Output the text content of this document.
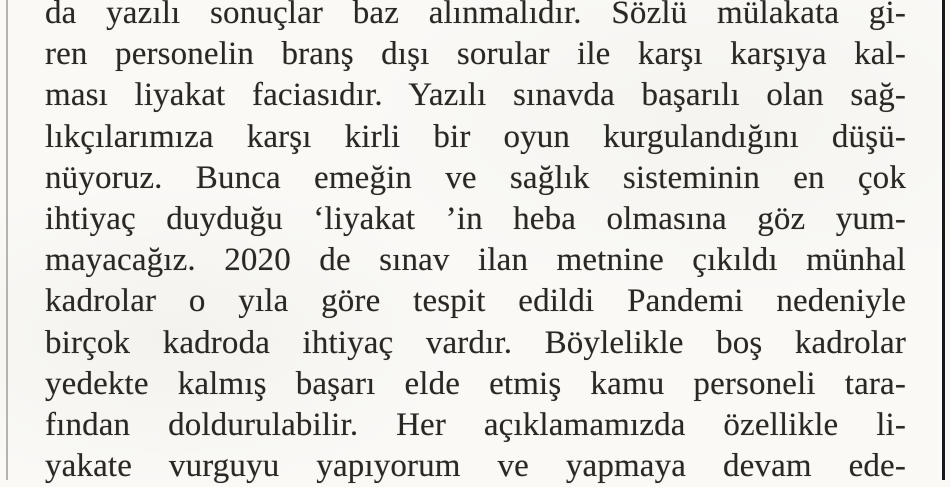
da yazılı sonuçlar baz alınmalıdır. Sözlü mülakata gi-
ren personelin branş dışı sorular ile karşı karşıya kal-
ması liyakat faciasıdır. Yazılı sınavda başarılı olan sağ-
lıkçılarımıza karşı kirli bir oyun kurgulandığını düşü-
nüyoruz. Bunca emeğin ve sağlık sisteminin en çok
ihtiyaç duyduğu ‘liyakat ’in heba olmasına göz yum-
mayacağız. 2020 de sınav ilan metnine çıkıldı münhal
kadrolar o yıla göre tespit edildi Pandemi nedeniyle
birçok kadroda ihtiyaç vardır. Böylelikle boş kadrolar
yedekte kalmış başarı elde etmiş kamu personeli tara-
fından doldurulabilir. Her açıklamamızda özellikle li-
yakate vurguyu yapıyorum ve yapmaya devam ede-
